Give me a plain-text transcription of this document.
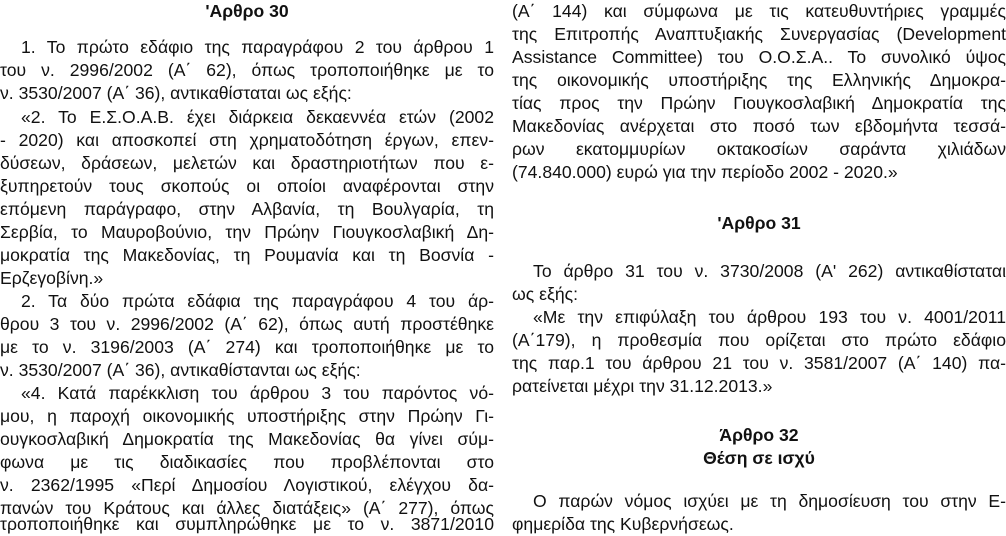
'Αρθρο 30
1. Το πρώτο εδάφιο της παραγράφου 2 του άρθρου 1
του ν. 2996/2002 (Α΄ 62), όπως τροποποιήθηκε με το
ν. 3530/2007 (Α΄ 36), αντικαθίσταται ως εξής:
«2. Το Ε.Σ.Ο.Α.Β. έχει διάρκεια δεκαεννέα ετών (2002
- 2020) και αποσκοπεί στη χρηματοδότηση έργων, επεν-
δύσεων, δράσεων, μελετών και δραστηριοτήτων που ε-
ξυπηρετούν τους σκοπούς οι οποίοι αναφέρονται στην
επόμενη παράγραφο, στην Αλβανία, τη Βουλγαρία, τη
Σερβία, το Μαυροβούνιο, την Πρώην Γιουγκοσλαβική Δη-
μοκρατία της Μακεδονίας, τη Ρουμανία και τη Βοσνία -
Ερζεγοβίνη.»
2. Τα δύο πρώτα εδάφια της παραγράφου 4 του άρ-
θρου 3 του ν. 2996/2002 (Α΄ 62), όπως αυτή προστέθηκε
με το ν. 3196/2003 (Α΄ 274) και τροποποιήθηκε με το
ν. 3530/2007 (Α΄ 36), αντικαθίστανται ως εξής:
«4. Κατά παρέκκλιση του άρθρου 3 του παρόντος νό-
μου, η παροχή οικονομικής υποστήριξης στην Πρώην Γι-
ουγκοσλαβική Δημοκρατία της Μακεδονίας θα γίνει σύμ-
φωνα με τις διαδικασίες που προβλέπονται στο
ν. 2362/1995 «Περί Δημοσίου Λογιστικού, ελέγχου δα-
πανών του Κράτους και άλλες διατάξεις» (Α΄ 277), όπως
τροποποιήθηκε και συμπληρώθηκε με το ν. 3871/2010
(Α΄ 144) και σύμφωνα με τις κατευθυντήριες γραμμές
της Επιτροπής Αναπτυξιακής Συνεργασίας (Development
Assistance Committee) του Ο.Ο.Σ.Α.. Το συνολικό ύψος
της οικονομικής υποστήριξης της Ελληνικής Δημοκρα-
τίας προς την Πρώην Γιουγκοσλαβική Δημοκρατία της
Μακεδονίας ανέρχεται στο ποσό των εβδομήντα τεσσά-
ρων εκατομμυρίων οκτακοσίων σαράντα χιλιάδων
(74.840.000) ευρώ για την περίοδο 2002 - 2020.»
'Αρθρο 31
Το άρθρο 31 του ν. 3730/2008 (Α' 262) αντικαθίσταται
ως εξής:
«Με την επιφύλαξη του άρθρου 193 του ν. 4001/2011
(Α΄179), η προθεσμία που ορίζεται στο πρώτο εδάφιο
της παρ.1 του άρθρου 21 του ν. 3581/2007 (Α΄ 140) πα-
ρατείνεται μέχρι την 31.12.2013.»
Άρθρο 32
Θέση σε ισχύ
Ο παρών νόμος ισχύει με τη δημοσίευση του στην Ε-
φημερίδα της Κυβερνήσεως.
